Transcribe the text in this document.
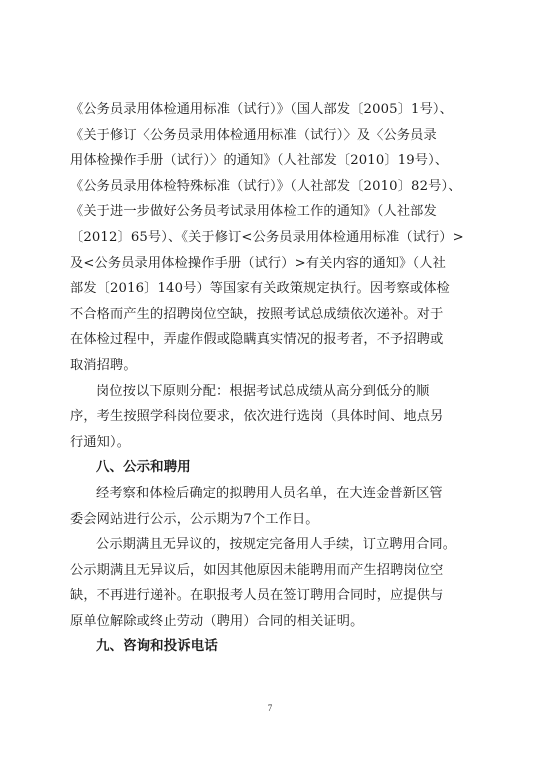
《公务员录用体检通用标准（试行）》（国人部发〔2005〕1号）、
《关于修订〈公务员录用体检通用标准（试行）〉及〈公务员录
用体检操作手册（试行）〉的通知》（人社部发〔2010〕19号）、
《公务员录用体检特殊标准（试行）》（人社部发〔2010〕82号）、
《关于进一步做好公务员考试录用体检工作的通知》（人社部发
〔2012〕65号）、《关于修订<公务员录用体检通用标准（试行）>
及<公务员录用体检操作手册（试行）>有关内容的通知》（人社
部发〔2016〕140号）等国家有关政策规定执行。因考察或体检
不合格而产生的招聘岗位空缺，按照考试总成绩依次递补。对于
在体检过程中，弄虚作假或隐瞒真实情况的报考者，不予招聘或
取消招聘。
岗位按以下原则分配：根据考试总成绩从高分到低分的顺
序，考生按照学科岗位要求，依次进行选岗（具体时间、地点另
行通知）。
八、公示和聘用
经考察和体检后确定的拟聘用人员名单，在大连金普新区管
委会网站进行公示，公示期为7个工作日。
公示期满且无异议的，按规定完备用人手续，订立聘用合同。
公示期满且无异议后，如因其他原因未能聘用而产生招聘岗位空
缺，不再进行递补。在职报考人员在签订聘用合同时，应提供与
原单位解除或终止劳动（聘用）合同的相关证明。
九、咨询和投诉电话
7
